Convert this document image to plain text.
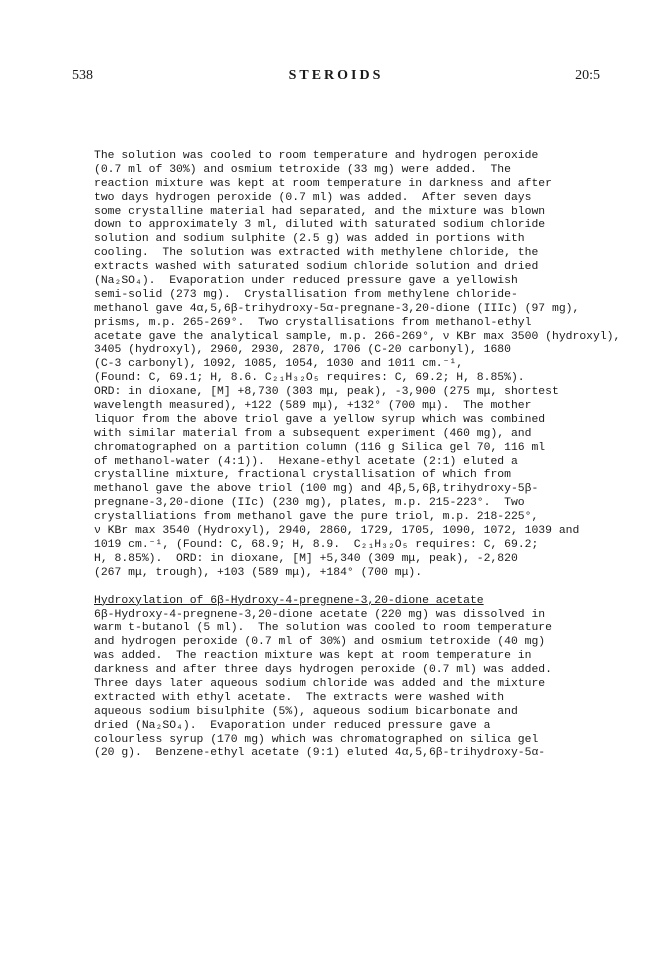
538	STEROIDS	20:5
The solution was cooled to room temperature and hydrogen peroxide
(0.7 ml of 30%) and osmium tetroxide (33 mg) were added.  The
reaction mixture was kept at room temperature in darkness and after
two days hydrogen peroxide (0.7 ml) was added.  After seven days
some crystalline material had separated, and the mixture was blown
down to approximately 3 ml, diluted with saturated sodium chloride
solution and sodium sulphite (2.5 g) was added in portions with
cooling.  The solution was extracted with methylene chloride, the
extracts washed with saturated sodium chloride solution and dried
(Na₂SO₄).  Evaporation under reduced pressure gave a yellowish
semi-solid (273 mg).  Crystallisation from methylene chloride-
methanol gave 4α,5,6β-trihydroxy-5α-pregnane-3,20-dione (IIIc) (97 mg),
prisms, m.p. 265-269°.  Two crystallisations from methanol-ethyl
acetate gave the analytical sample, m.p. 266-269°, ν KBr max 3500 (hydroxyl),
3405 (hydroxyl), 2960, 2930, 2870, 1706 (C-20 carbonyl), 1680
(C-3 carbonyl), 1092, 1085, 1054, 1030 and 1011 cm.⁻¹,
(Found: C, 69.1; H, 8.6. C₂₁H₃₂O₅ requires: C, 69.2; H, 8.85%).
ORD: in dioxane, [M] +8,730 (303 mμ, peak), -3,900 (275 mμ, shortest
wavelength measured), +122 (589 mμ), +132° (700 mμ).  The mother
liquor from the above triol gave a yellow syrup which was combined
with similar material from a subsequent experiment (460 mg), and
chromatographed on a partition column (116 g Silica gel 70, 116 ml
of methanol-water (4:1)).  Hexane-ethyl acetate (2:1) eluted a
crystalline mixture, fractional crystallisation of which from
methanol gave the above triol (100 mg) and 4β,5,6β,trihydroxy-5β-
pregnane-3,20-dione (IIc) (230 mg), plates, m.p. 215-223°.  Two
crystalliations from methanol gave the pure triol, m.p. 218-225°,
ν KBr max 3540 (Hydroxyl), 2940, 2860, 1729, 1705, 1090, 1072, 1039 and
1019 cm.⁻¹, (Found: C, 68.9; H, 8.9.  C₂₁H₃₂O₅ requires: C, 69.2;
H, 8.85%).  ORD: in dioxane, [M] +5,340 (309 mμ, peak), -2,820
(267 mμ, trough), +103 (589 mμ), +184° (700 mμ).
Hydroxylation of 6β-Hydroxy-4-pregnene-3,20-dione acetate
6β-Hydroxy-4-pregnene-3,20-dione acetate (220 mg) was dissolved in
warm t-butanol (5 ml).  The solution was cooled to room temperature
and hydrogen peroxide (0.7 ml of 30%) and osmium tetroxide (40 mg)
was added.  The reaction mixture was kept at room temperature in
darkness and after three days hydrogen peroxide (0.7 ml) was added.
Three days later aqueous sodium chloride was added and the mixture
extracted with ethyl acetate.  The extracts were washed with
aqueous sodium bisulphite (5%), aqueous sodium bicarbonate and
dried (Na₂SO₄).  Evaporation under reduced pressure gave a
colourless syrup (170 mg) which was chromatographed on silica gel
(20 g).  Benzene-ethyl acetate (9:1) eluted 4α,5,6β-trihydroxy-5α-
